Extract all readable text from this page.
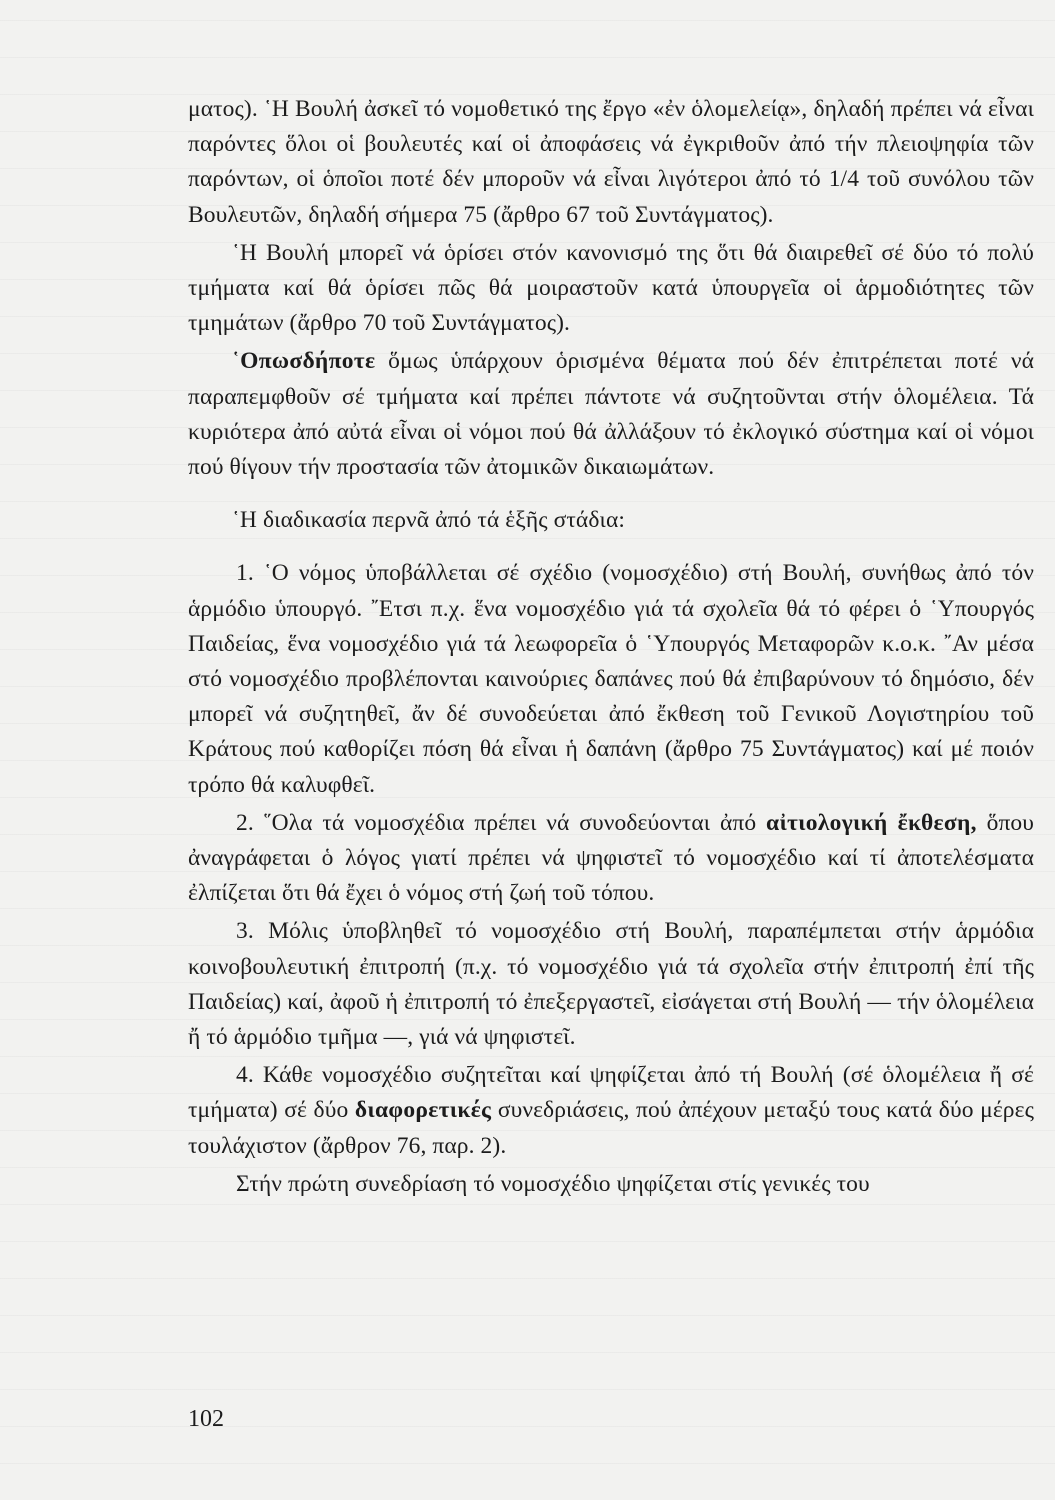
ματος). ῾Η Βουλή ἀσκεῖ τό νομοθετικό της ἔργο «ἐν ὁλομελείᾳ», δηλαδή πρέπει νά εἶναι παρόντες ὅλοι οἱ βουλευτές καί οἱ ἀποφάσεις νά ἐγκριθοῦν ἀπό τήν πλειοψηφία τῶν παρόντων, οἱ ὁποῖοι ποτέ δέν μποροῦν νά εἶναι λιγότεροι ἀπό τό 1/4 τοῦ συνόλου τῶν Βουλευτῶν, δηλαδή σήμερα 75 (ἄρθρο 67 τοῦ Συντάγματος).

῾Η Βουλή μπορεῖ νά ὁρίσει στόν κανονισμό της ὅτι θά διαιρεθεῖ σέ δύο τό πολύ τμήματα καί θά ὁρίσει πῶς θά μοιραστοῦν κατά ὑπουργεῖα οἱ ἁρμοδιότητες τῶν τμημάτων (ἄρθρο 70 τοῦ Συντάγματος).

῾Οπωσδήποτε ὅμως ὑπάρχουν ὁρισμένα θέματα πού δέν ἐπιτρέπεται ποτέ νά παραπεμφθοῦν σέ τμήματα καί πρέπει πάντοτε νά συζητοῦνται στήν ὁλομέλεια. Τά κυριότερα ἀπό αὐτά εἶναι οἱ νόμοι πού θά ἀλλάξουν τό ἐκλογικό σύστημα καί οἱ νόμοι πού θίγουν τήν προστασία τῶν ἀτομικῶν δικαιωμάτων.

῾Η διαδικασία περνᾶ ἀπό τά ἑξῆς στάδια:

1. ῾Ο νόμος ὑποβάλλεται σέ σχέδιο (νομοσχέδιο) στή Βουλή, συνήθως ἀπό τόν ἁρμόδιο ὑπουργό. ῎Ετσι π.χ. ἕνα νομοσχέδιο γιά τά σχολεῖα θά τό φέρει ὁ ῾Υπουργός Παιδείας, ἕνα νομοσχέδιο γιά τά λεωφορεῖα ὁ ῾Υπουργός Μεταφορῶν κ.ο.κ. ῎Αν μέσα στό νομοσχέδιο προβλέπονται καινούριες δαπάνες πού θά ἐπιβαρύνουν τό δημόσιο, δέν μπορεῖ νά συζητηθεῖ, ἄν δέ συνοδεύεται ἀπό ἔκθεση τοῦ Γενικοῦ Λογιστηρίου τοῦ Κράτους πού καθορίζει πόση θά εἶναι ἡ δαπάνη (ἄρθρο 75 Συντάγματος) καί μέ ποιόν τρόπο θά καλυφθεῖ.

2. ῞Ολα τά νομοσχέδια πρέπει νά συνοδεύονται ἀπό αἰτιολογική ἔκθεση, ὅπου ἀναγράφεται ὁ λόγος γιατί πρέπει νά ψηφιστεῖ τό νομοσχέδιο καί τί ἀποτελέσματα ἐλπίζεται ὅτι θά ἔχει ὁ νόμος στή ζωή τοῦ τόπου.

3. Μόλις ὑποβληθεῖ τό νομοσχέδιο στή Βουλή, παραπέμπεται στήν ἁρμόδια κοινοβουλευτική ἐπιτροπή (π.χ. τό νομοσχέδιο γιά τά σχολεῖα στήν ἐπιτροπή ἐπί τῆς Παιδείας) καί, ἀφοῦ ἡ ἐπιτροπή τό ἐπεξεργαστεῖ, εἰσάγεται στή Βουλή — τήν ὁλομέλεια ἤ τό ἁρμόδιο τμῆμα —, γιά νά ψηφιστεῖ.

4. Κάθε νομοσχέδιο συζητεῖται καί ψηφίζεται ἀπό τή Βουλή (σέ ὁλομέλεια ἤ σέ τμήματα) σέ δύο διαφορετικές συνεδριάσεις, πού ἀπέχουν μεταξύ τους κατά δύο μέρες τουλάχιστον (ἄρθρον 76, παρ. 2).

Στήν πρώτη συνεδρίαση τό νομοσχέδιο ψηφίζεται στίς γενικές του

102
